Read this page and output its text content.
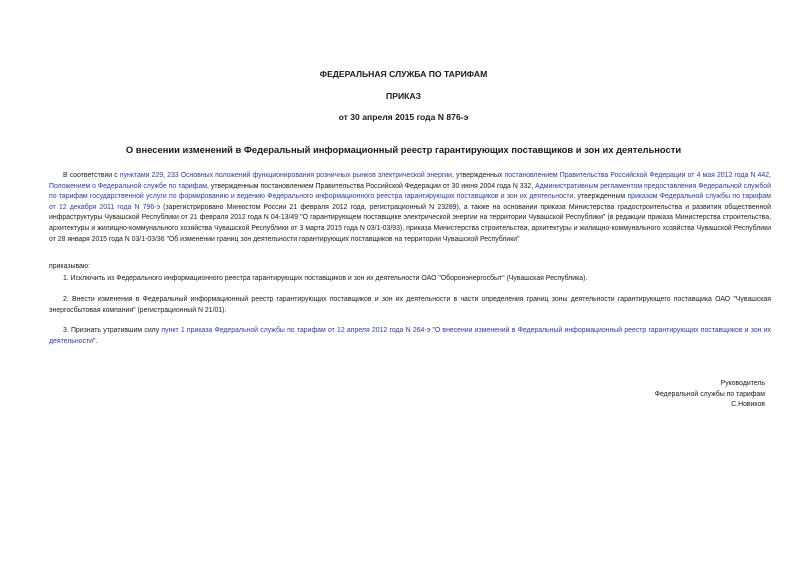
ФЕДЕРАЛЬНАЯ СЛУЖБА ПО ТАРИФАМ
ПРИКАЗ
от 30 апреля 2015 года N 876-э
О внесении изменений в Федеральный информационный реестр гарантирующих поставщиков и зон их деятельности
В соответствии с пунктами 229, 233 Основных положений функционирования розничных рынков электрической энергии, утвержденных постановлением Правительства Российской Федерации от 4 мая 2012 года N 442, Положением о Федеральной службе по тарифам, утвержденным постановлением Правительства Российской Федерации от 30 июня 2004 года N 332, Административным регламентом предоставления Федеральной службой по тарифам государственной услуги по формированию и ведению Федерального информационного реестра гарантирующих поставщиков и зон их деятельности, утвержденным приказом Федеральной службы по тарифам от 12 декабря 2011 года N 796-э (зарегистрировано Минюстом России 21 февраля 2012 года, регистрационный N 23289), а также на основании приказа Министерства градостроительства и развития общественной инфраструктуры Чувашской Республики от 21 февраля 2012 года N 04-13/49 "О гарантирующем поставщике электрической энергии на территории Чувашской Республики" (в редакции приказа Министерства строительства, архитектуры и жилищно-коммунального хозяйства Чувашской Республики от 3 марта 2015 года N 03/1-03/93), приказа Министерства строительства, архитектуры и жилищно-коммунального хозяйства Чувашской Республики от 28 января 2015 года N 03/1-03/36 "Об изменении границ зон деятельности гарантирующих поставщиков на территории Чувашской Республики"
приказываю:
1. Исключить из Федерального информационного реестра гарантирующих поставщиков и зон их деятельности ОАО "Оборонэнергосбыт" (Чувашская Республика).
2. Внести изменения в Федеральный информационный реестр гарантирующих поставщиков и зон их деятельности в части определения границ зоны деятельности гарантирующего поставщика ОАО "Чувашская энергосбытовая компания" (регистрационный N 21/01).
3. Признать утратившим силу пункт 1 приказа Федеральной службы по тарифам от 12 апреля 2012 года N 264-э "О внесении изменений в Федеральный информационный реестр гарантирующих поставщиков и зон их деятельности".
Руководитель
Федеральной службы по тарифам
С.Новиков
